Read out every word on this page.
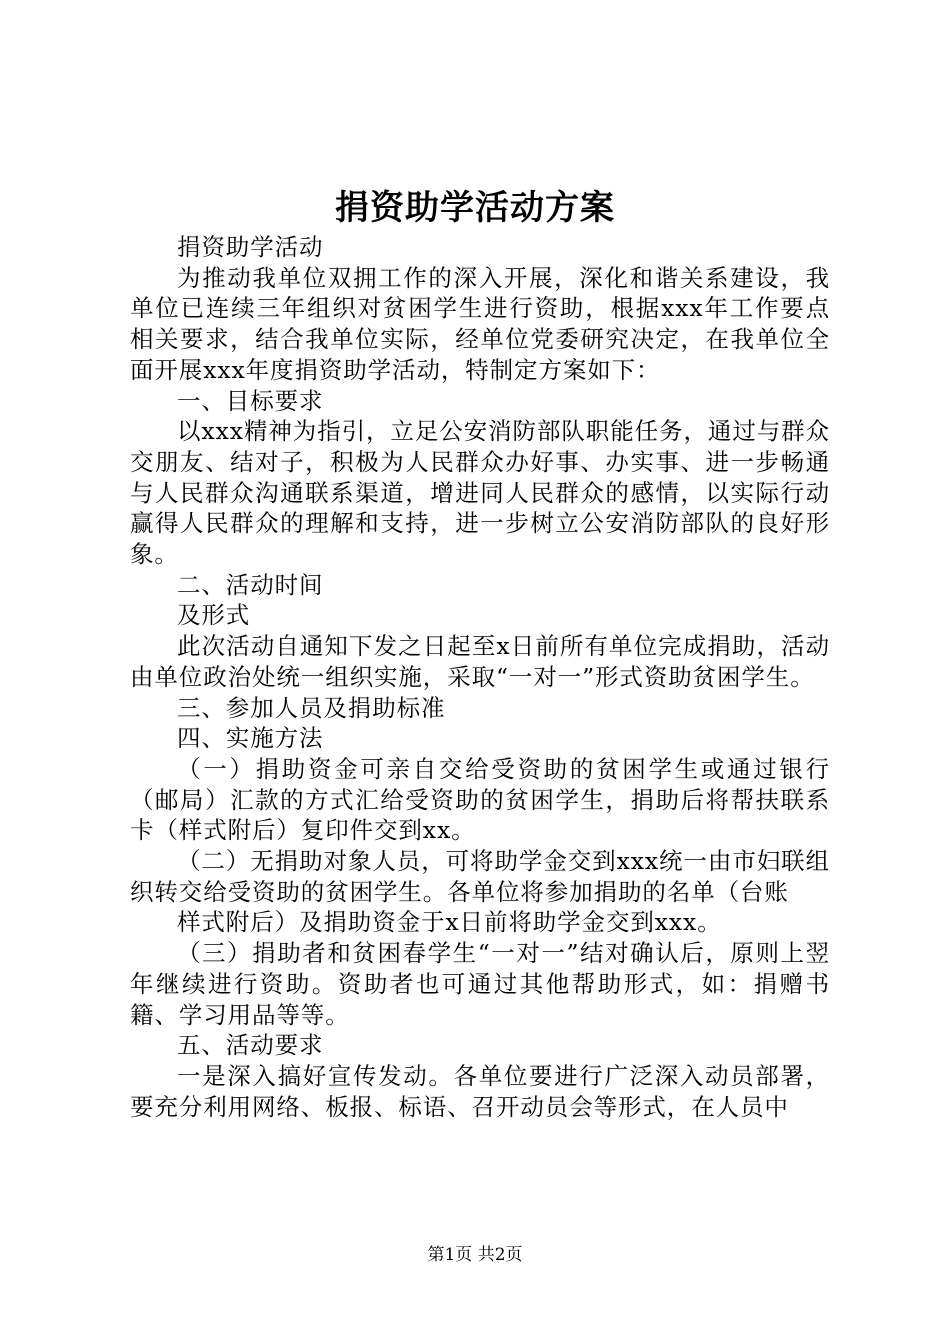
捐资助学活动方案

捐资助学活动

为推动我单位双拥工作的深入开展，深化和谐关系建设，我单位已连续三年组织对贫困学生进行资助，根据xxx年工作要点相关要求，结合我单位实际，经单位党委研究决定，在我单位全面开展xxx年度捐资助学活动，特制定方案如下：

一、目标要求

以xxx精神为指引，立足公安消防部队职能任务，通过与群众交朋友、结对子，积极为人民群众办好事、办实事、进一步畅通与人民群众沟通联系渠道，增进同人民群众的感情，以实际行动赢得人民群众的理解和支持，进一步树立公安消防部队的良好形象。

二、活动时间

及形式

此次活动自通知下发之日起至x日前所有单位完成捐助，活动由单位政治处统一组织实施，采取“一对一”形式资助贫困学生。

三、参加人员及捐助标准

四、实施方法

（一）捐助资金可亲自交给受资助的贫困学生或通过银行（邮局）汇款的方式汇给受资助的贫困学生，捐助后将帮扶联系卡（样式附后）复印件交到xx。

（二）无捐助对象人员，可将助学金交到xxx统一由市妇联组织转交给受资助的贫困学生。各单位将参加捐助的名单（台账

样式附后）及捐助资金于x日前将助学金交到xxx。

（三）捐助者和贫困春学生“一对一”结对确认后，原则上翌年继续进行资助。资助者也可通过其他帮助形式，如：捐赠书籍、学习用品等等。

五、活动要求

一是深入搞好宣传发动。各单位要进行广泛深入动员部署，要充分利用网络、板报、标语、召开动员会等形式，在人员中

第1页 共2页
